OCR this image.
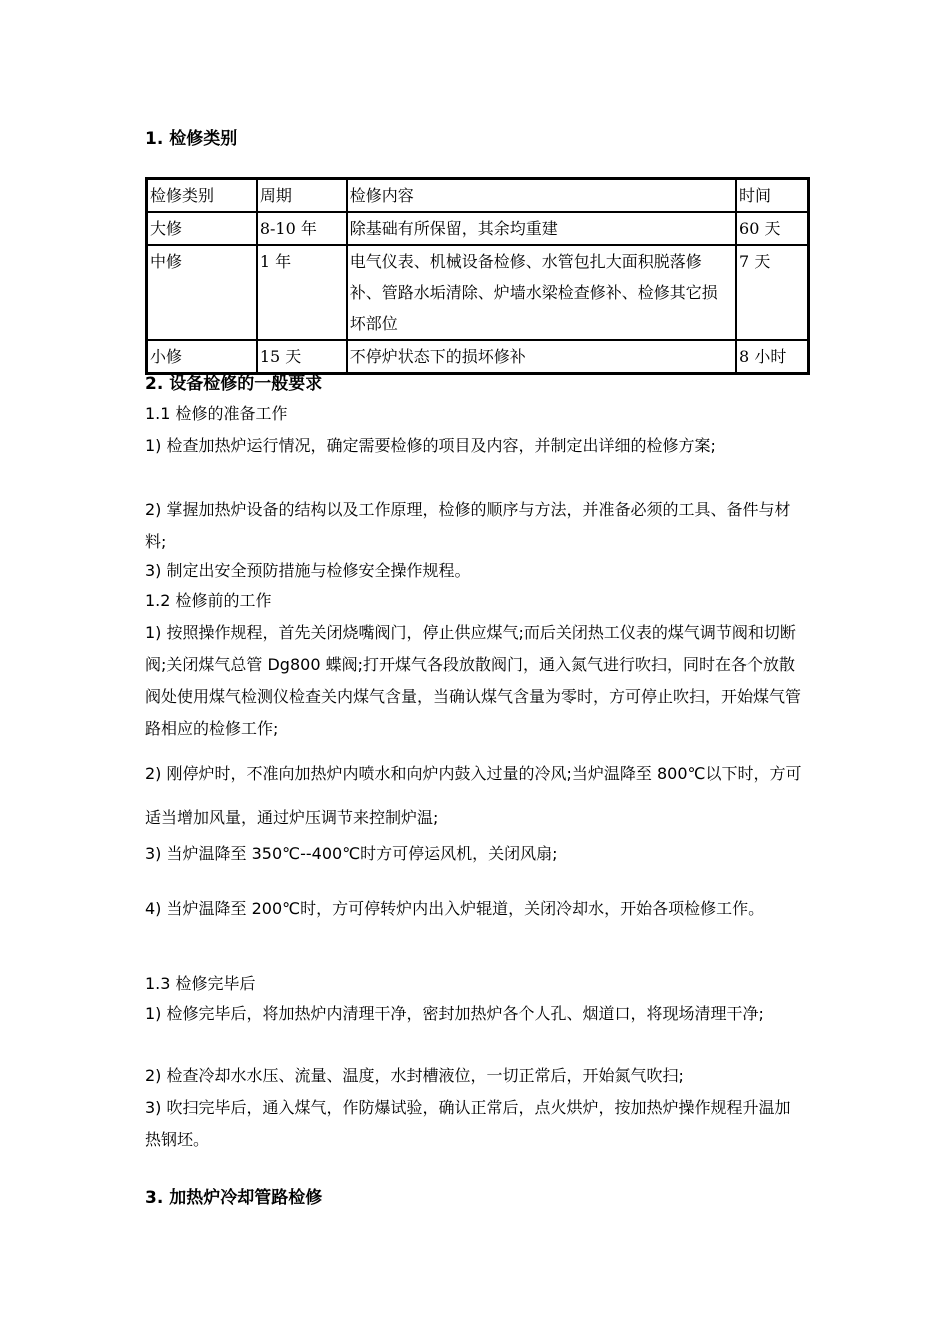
1. 检修类别
检修类别	周期	检修内容	时间
大修	8-10 年	除基础有所保留，其余均重建	60 天
中修	1 年	电气仪表、机械设备检修、水管包扎大面积脱落修补、管路水垢清除、炉墙水梁检查修补、检修其它损坏部位	7 天
小修	15 天	不停炉状态下的损坏修补	8 小时
2. 设备检修的一般要求

1.1 检修的准备工作

1) 检查加热炉运行情况，确定需要检修的项目及内容，并制定出详细的检修方案;

2) 掌握加热炉设备的结构以及工作原理，检修的顺序与方法，并准备必须的工具、备件与材料;

3) 制定出安全预防措施与检修安全操作规程。

1.2 检修前的工作

1) 按照操作规程，首先关闭烧嘴阀门，停止供应煤气;而后关闭热工仪表的煤气调节阀和切断阀;关闭煤气总管 Dg800 蝶阀;打开煤气各段放散阀门，通入氮气进行吹扫，同时在各个放散阀处使用煤气检测仪检查关内煤气含量，当确认煤气含量为零时，方可停止吹扫，开始煤气管路相应的检修工作;

2) 刚停炉时，不准向加热炉内喷水和向炉内鼓入过量的冷风;当炉温降至 800℃以下时，方可适当增加风量，通过炉压调节来控制炉温;

3) 当炉温降至 350℃--400℃时方可停运风机，关闭风扇;

4) 当炉温降至 200℃时，方可停转炉内出入炉辊道，关闭冷却水，开始各项检修工作。

1.3 检修完毕后

1) 检修完毕后，将加热炉内清理干净，密封加热炉各个人孔、烟道口，将现场清理干净;

2) 检查冷却水水压、流量、温度，水封槽液位，一切正常后，开始氮气吹扫;

3) 吹扫完毕后，通入煤气，作防爆试验，确认正常后，点火烘炉，按加热炉操作规程升温加热钢坯。

3. 加热炉冷却管路检修
